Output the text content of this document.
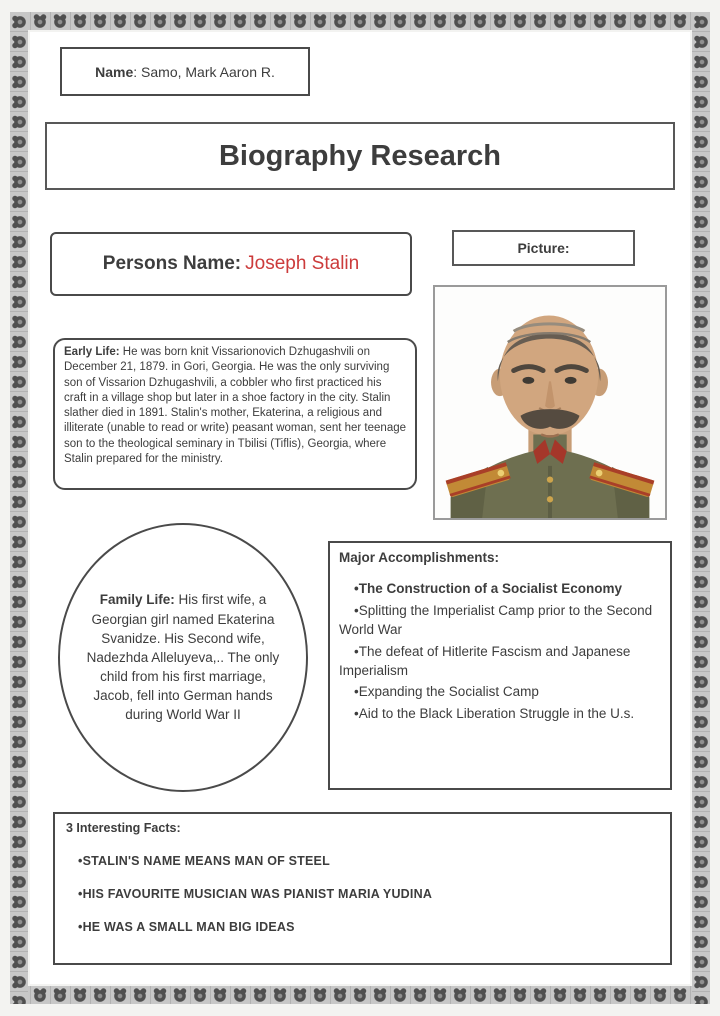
Name: Samo, Mark Aaron R.
Biography Research
Persons Name : Joseph Stalin
Picture:
Early Life: He was born knit Vissarionovich Dzhugashvili on December 21, 1879. in Gori, Georgia. He was the only surviving son of Vissarion Dzhugashvili, a cobbler who first practiced his craft in a village shop but later in a shoe factory in the city. Stalin slather died in 1891. Stalin's mother, Ekaterina, a religious and illiterate (unable to read or write) peasant woman, sent her teenage son to the theological seminary in Tbilisi (Tiflis), Georgia, where Stalin prepared for the ministry.
Family Life: His first wife, a Georgian girl named Ekaterina Svanidze. His Second wife, Nadezhda Alleluyeva,.. The only child from his first marriage, Jacob, fell into German hands during World War II
Major Accomplishments:
• The Construction of a Socialist Economy
• Splitting the Imperialist Camp prior to the Second World War
• The defeat of Hitlerite Fascism and Japanese Imperialism
• Expanding the Socialist Camp
• Aid to the Black Liberation Struggle in the U.s.
3 Interesting Facts:
• STALIN'S NAME MEANS MAN OF STEEL
• HIS FAVOURITE MUSICIAN WAS PIANIST MARIA YUDINA
• HE WAS A SMALL MAN BIG IDEAS
